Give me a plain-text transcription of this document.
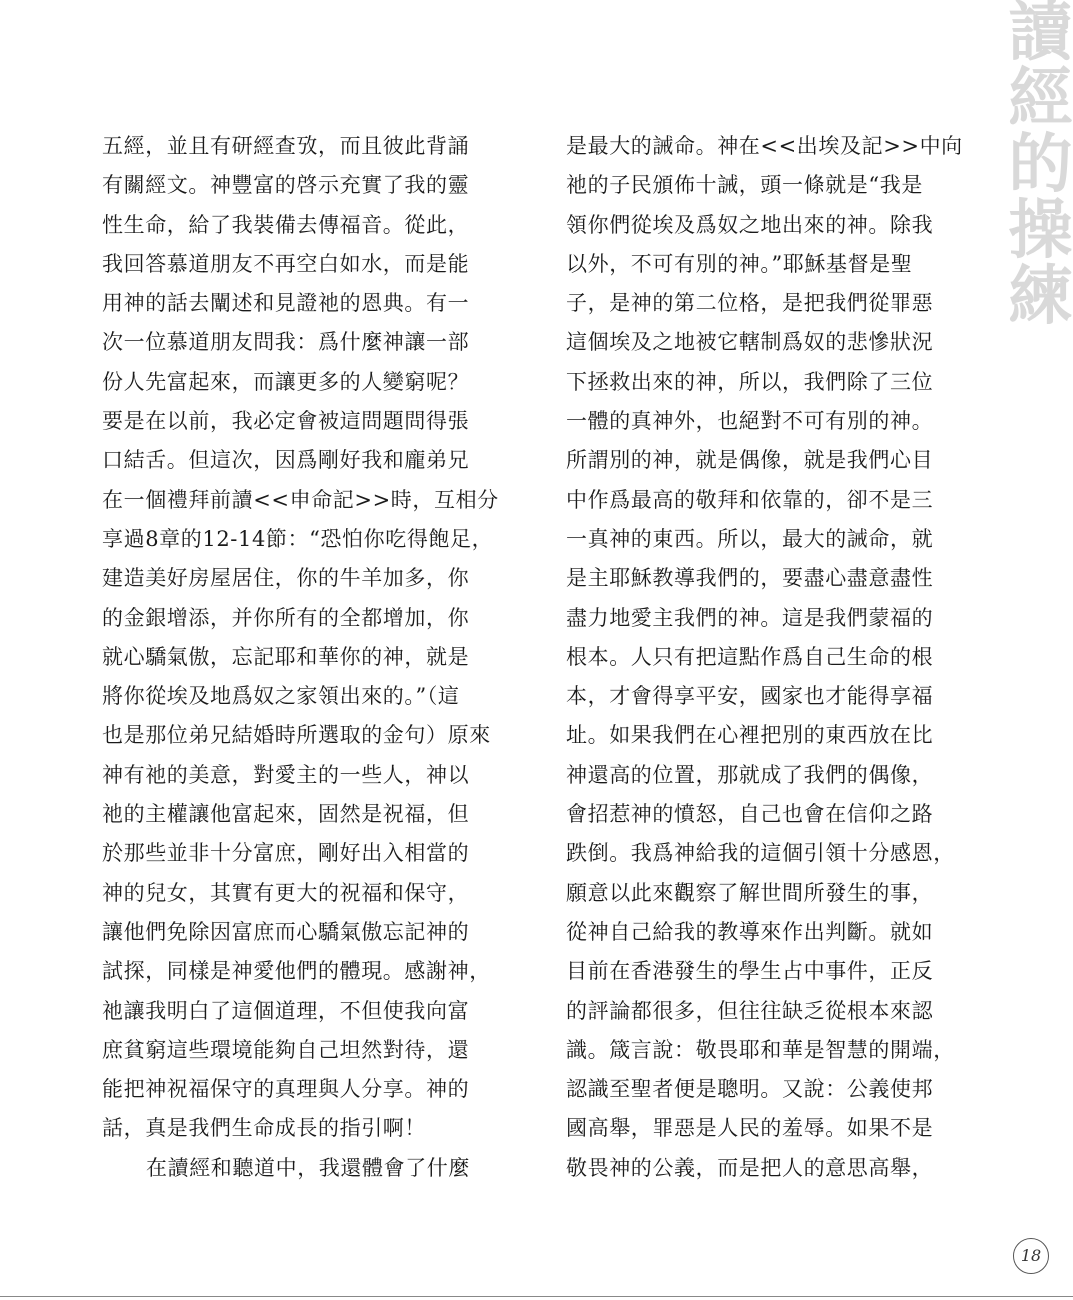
讀
經
的
操
練
五經，並且有研經查攷，而且彼此背誦
有關經文。神豐富的啓示充實了我的靈
性生命，給了我裝備去傳福音。從此，
我回答慕道朋友不再空白如水，而是能
用神的話去闡述和見證祂的恩典。有一
次一位慕道朋友問我：爲什麼神讓一部
份人先富起來，而讓更多的人變窮呢？
要是在以前，我必定會被這問題問得張
口結舌。但這次，因爲剛好我和龐弟兄
在一個禮拜前讀<<申命記>>時，互相分
享過8章的12-14節：“恐怕你吃得飽足，
建造美好房屋居住，你的牛羊加多，你
的金銀增添，并你所有的全都增加，你
就心驕氣傲，忘記耶和華你的神，就是
將你從埃及地爲奴之家領出來的。”（這
也是那位弟兄結婚時所選取的金句）原來
神有祂的美意，對愛主的一些人，神以
祂的主權讓他富起來，固然是祝福，但
於那些並非十分富庶，剛好出入相當的
神的兒女，其實有更大的祝福和保守，
讓他們免除因富庶而心驕氣傲忘記神的
試探，同樣是神愛他們的體現。感謝神，
祂讓我明白了這個道理，不但使我向富
庶貧窮這些環境能夠自己坦然對待，還
能把神祝福保守的真理與人分享。神的
話，真是我們生命成長的指引啊！
在讀經和聽道中，我還體會了什麼
是最大的誡命。神在<<出埃及記>>中向
祂的子民頒佈十誡，頭一條就是“我是
領你們從埃及爲奴之地出來的神。除我
以外，不可有別的神。”耶穌基督是聖
子，是神的第二位格，是把我們從罪惡
這個埃及之地被它轄制爲奴的悲慘狀況
下拯救出來的神，所以，我們除了三位
一體的真神外，也絕對不可有別的神。
所謂別的神，就是偶像，就是我們心目
中作爲最高的敬拜和依靠的，卻不是三
一真神的東西。所以，最大的誡命，就
是主耶穌教導我們的，要盡心盡意盡性
盡力地愛主我們的神。這是我們蒙福的
根本。人只有把這點作爲自己生命的根
本，才會得享平安，國家也才能得享福
址。如果我們在心裡把別的東西放在比
神還高的位置，那就成了我們的偶像，
會招惹神的憤怒，自己也會在信仰之路
跌倒。我爲神給我的這個引領十分感恩，
願意以此來觀察了解世間所發生的事，
從神自己給我的教導來作出判斷。就如
目前在香港發生的學生占中事件，正反
的評論都很多，但往往缺乏從根本來認
識。箴言說：敬畏耶和華是智慧的開端，
認識至聖者便是聰明。又說：公義使邦
國高舉，罪惡是人民的羞辱。如果不是
敬畏神的公義，而是把人的意思高舉，
18
